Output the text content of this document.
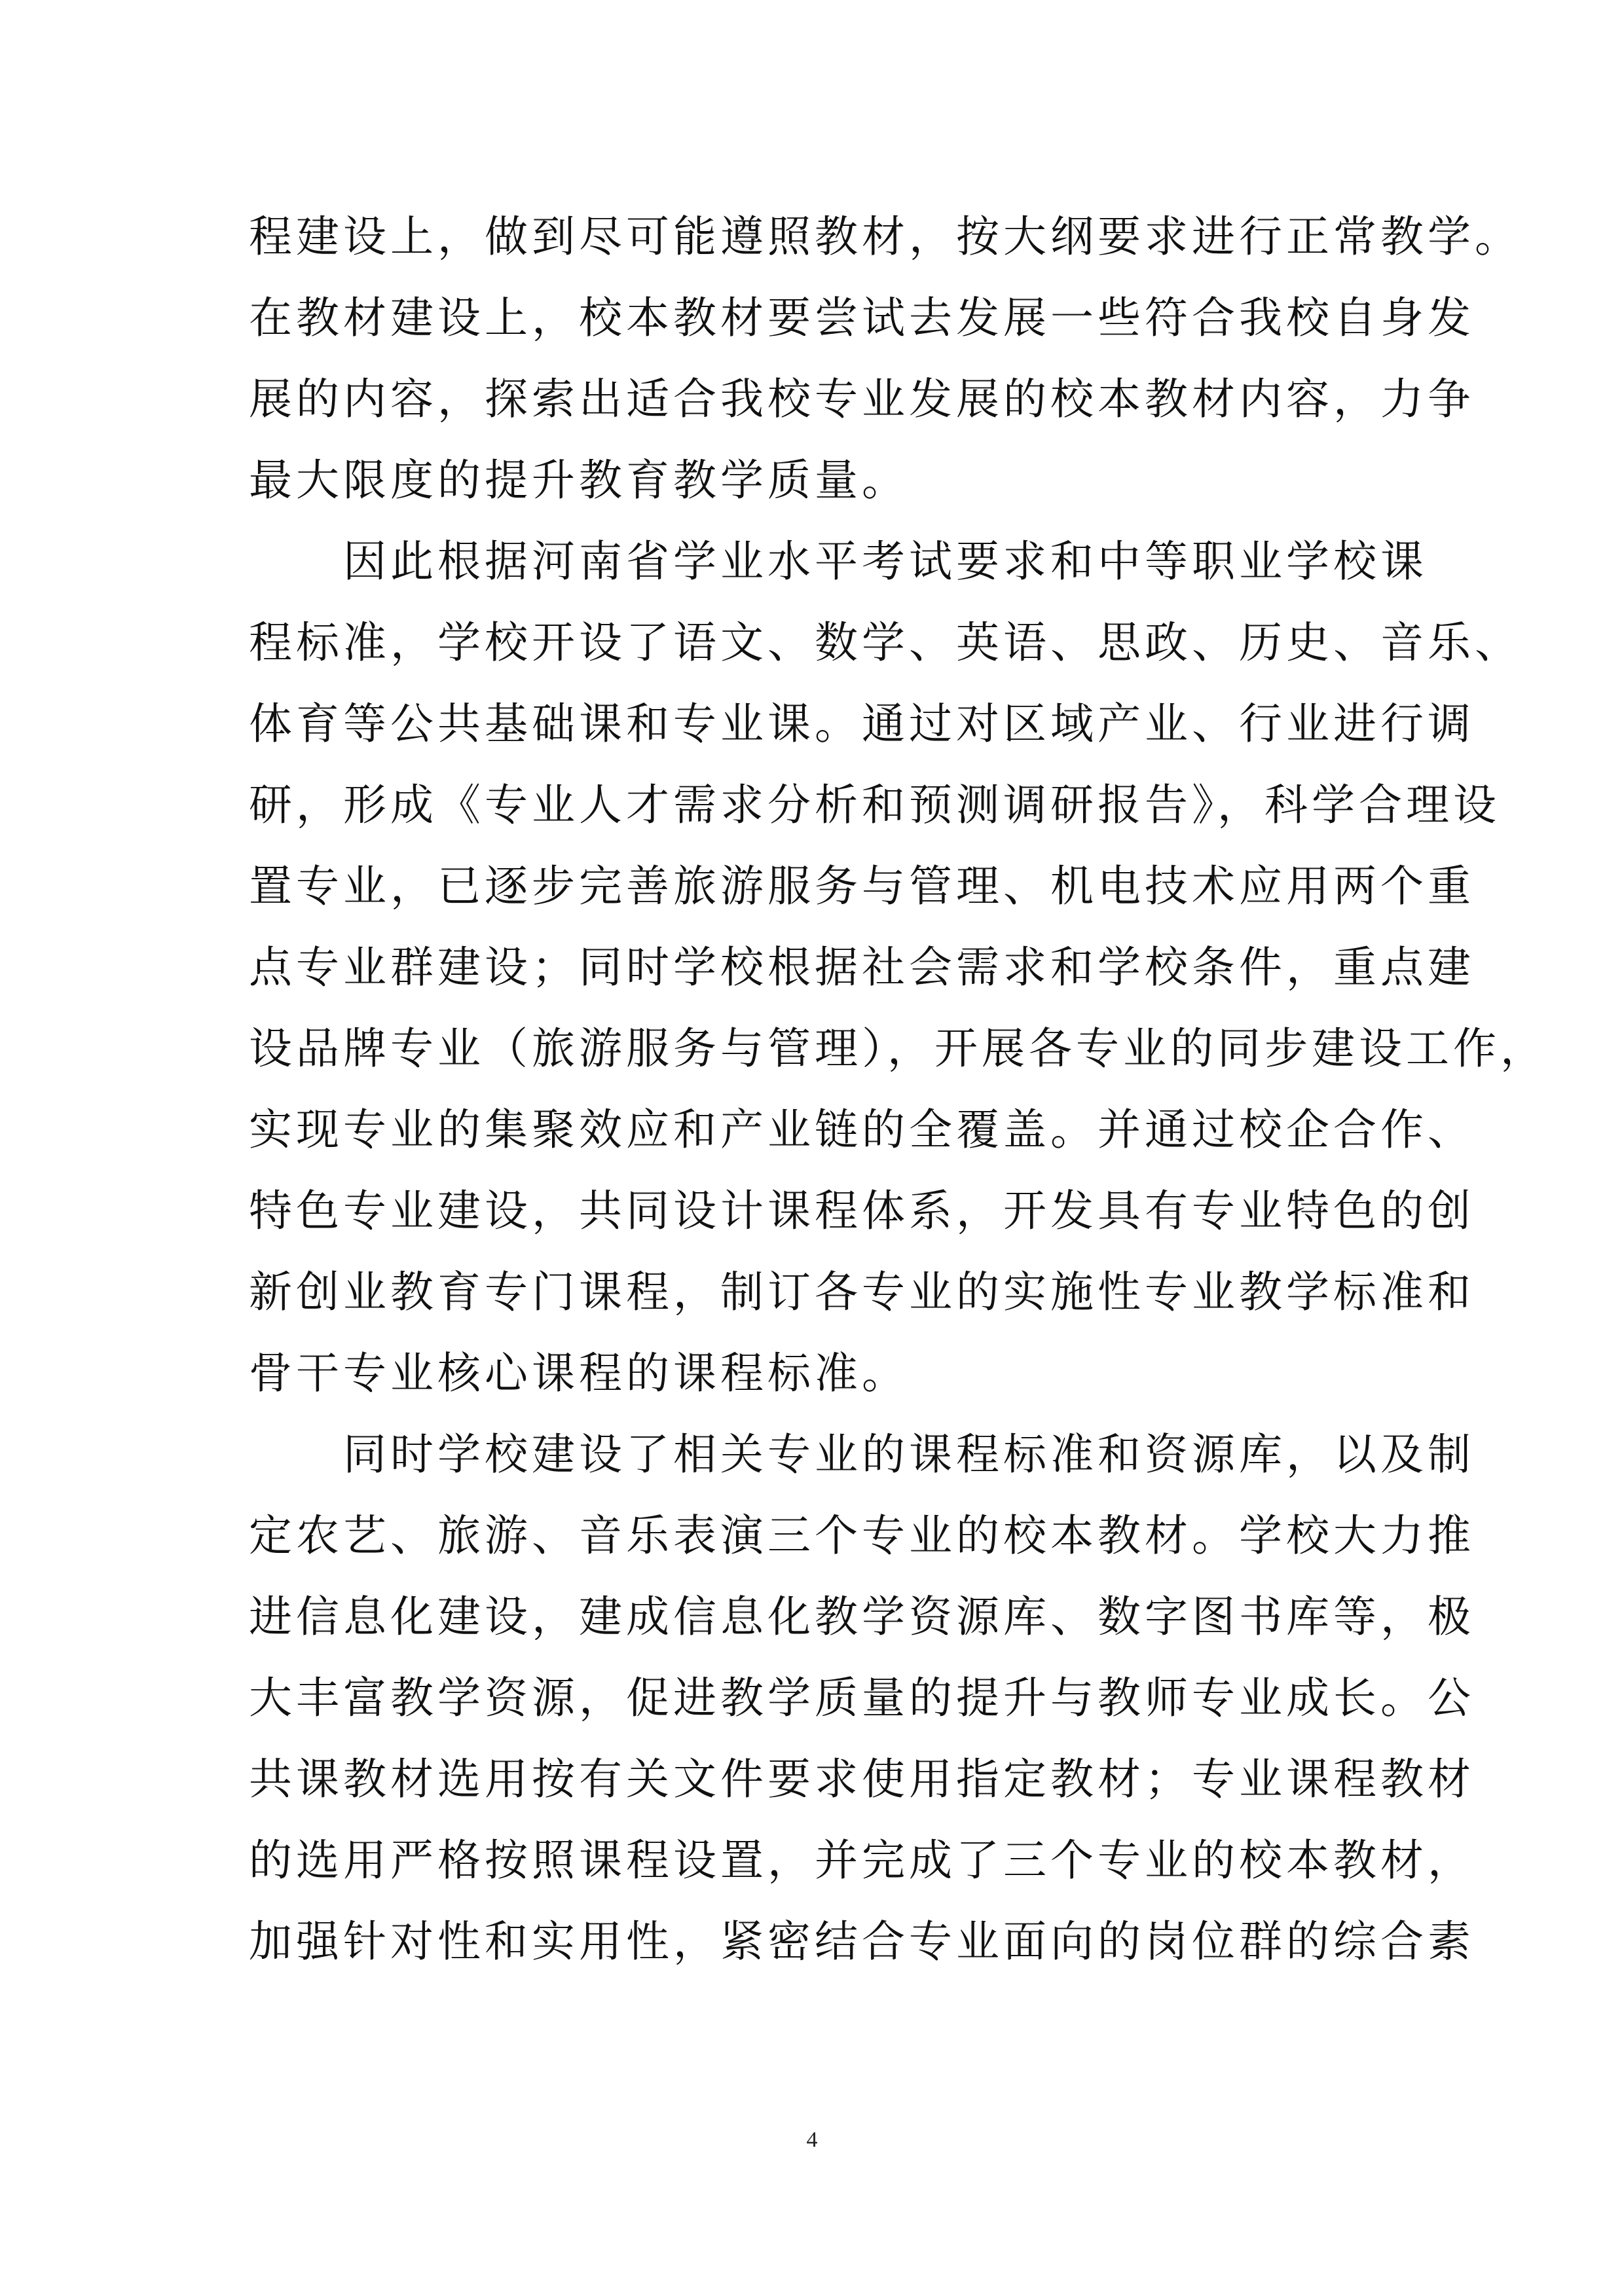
程建设上，做到尽可能遵照教材，按大纲要求进行正常教学。
在教材建设上，校本教材要尝试去发展一些符合我校自身发
展的内容，探索出适合我校专业发展的校本教材内容，力争
最大限度的提升教育教学质量。
因此根据河南省学业水平考试要求和中等职业学校课
程标准，学校开设了语文、数学、英语、思政、历史、音乐、
体育等公共基础课和专业课。通过对区域产业、行业进行调
研，形成《专业人才需求分析和预测调研报告》，科学合理设
置专业，已逐步完善旅游服务与管理、机电技术应用两个重
点专业群建设；同时学校根据社会需求和学校条件，重点建
设品牌专业（旅游服务与管理），开展各专业的同步建设工作，
实现专业的集聚效应和产业链的全覆盖。并通过校企合作、
特色专业建设，共同设计课程体系，开发具有专业特色的创
新创业教育专门课程，制订各专业的实施性专业教学标准和
骨干专业核心课程的课程标准。
同时学校建设了相关专业的课程标准和资源库，以及制
定农艺、旅游、音乐表演三个专业的校本教材。学校大力推
进信息化建设，建成信息化教学资源库、数字图书库等，极
大丰富教学资源，促进教学质量的提升与教师专业成长。公
共课教材选用按有关文件要求使用指定教材；专业课程教材
的选用严格按照课程设置，并完成了三个专业的校本教材，
加强针对性和实用性，紧密结合专业面向的岗位群的综合素
4
